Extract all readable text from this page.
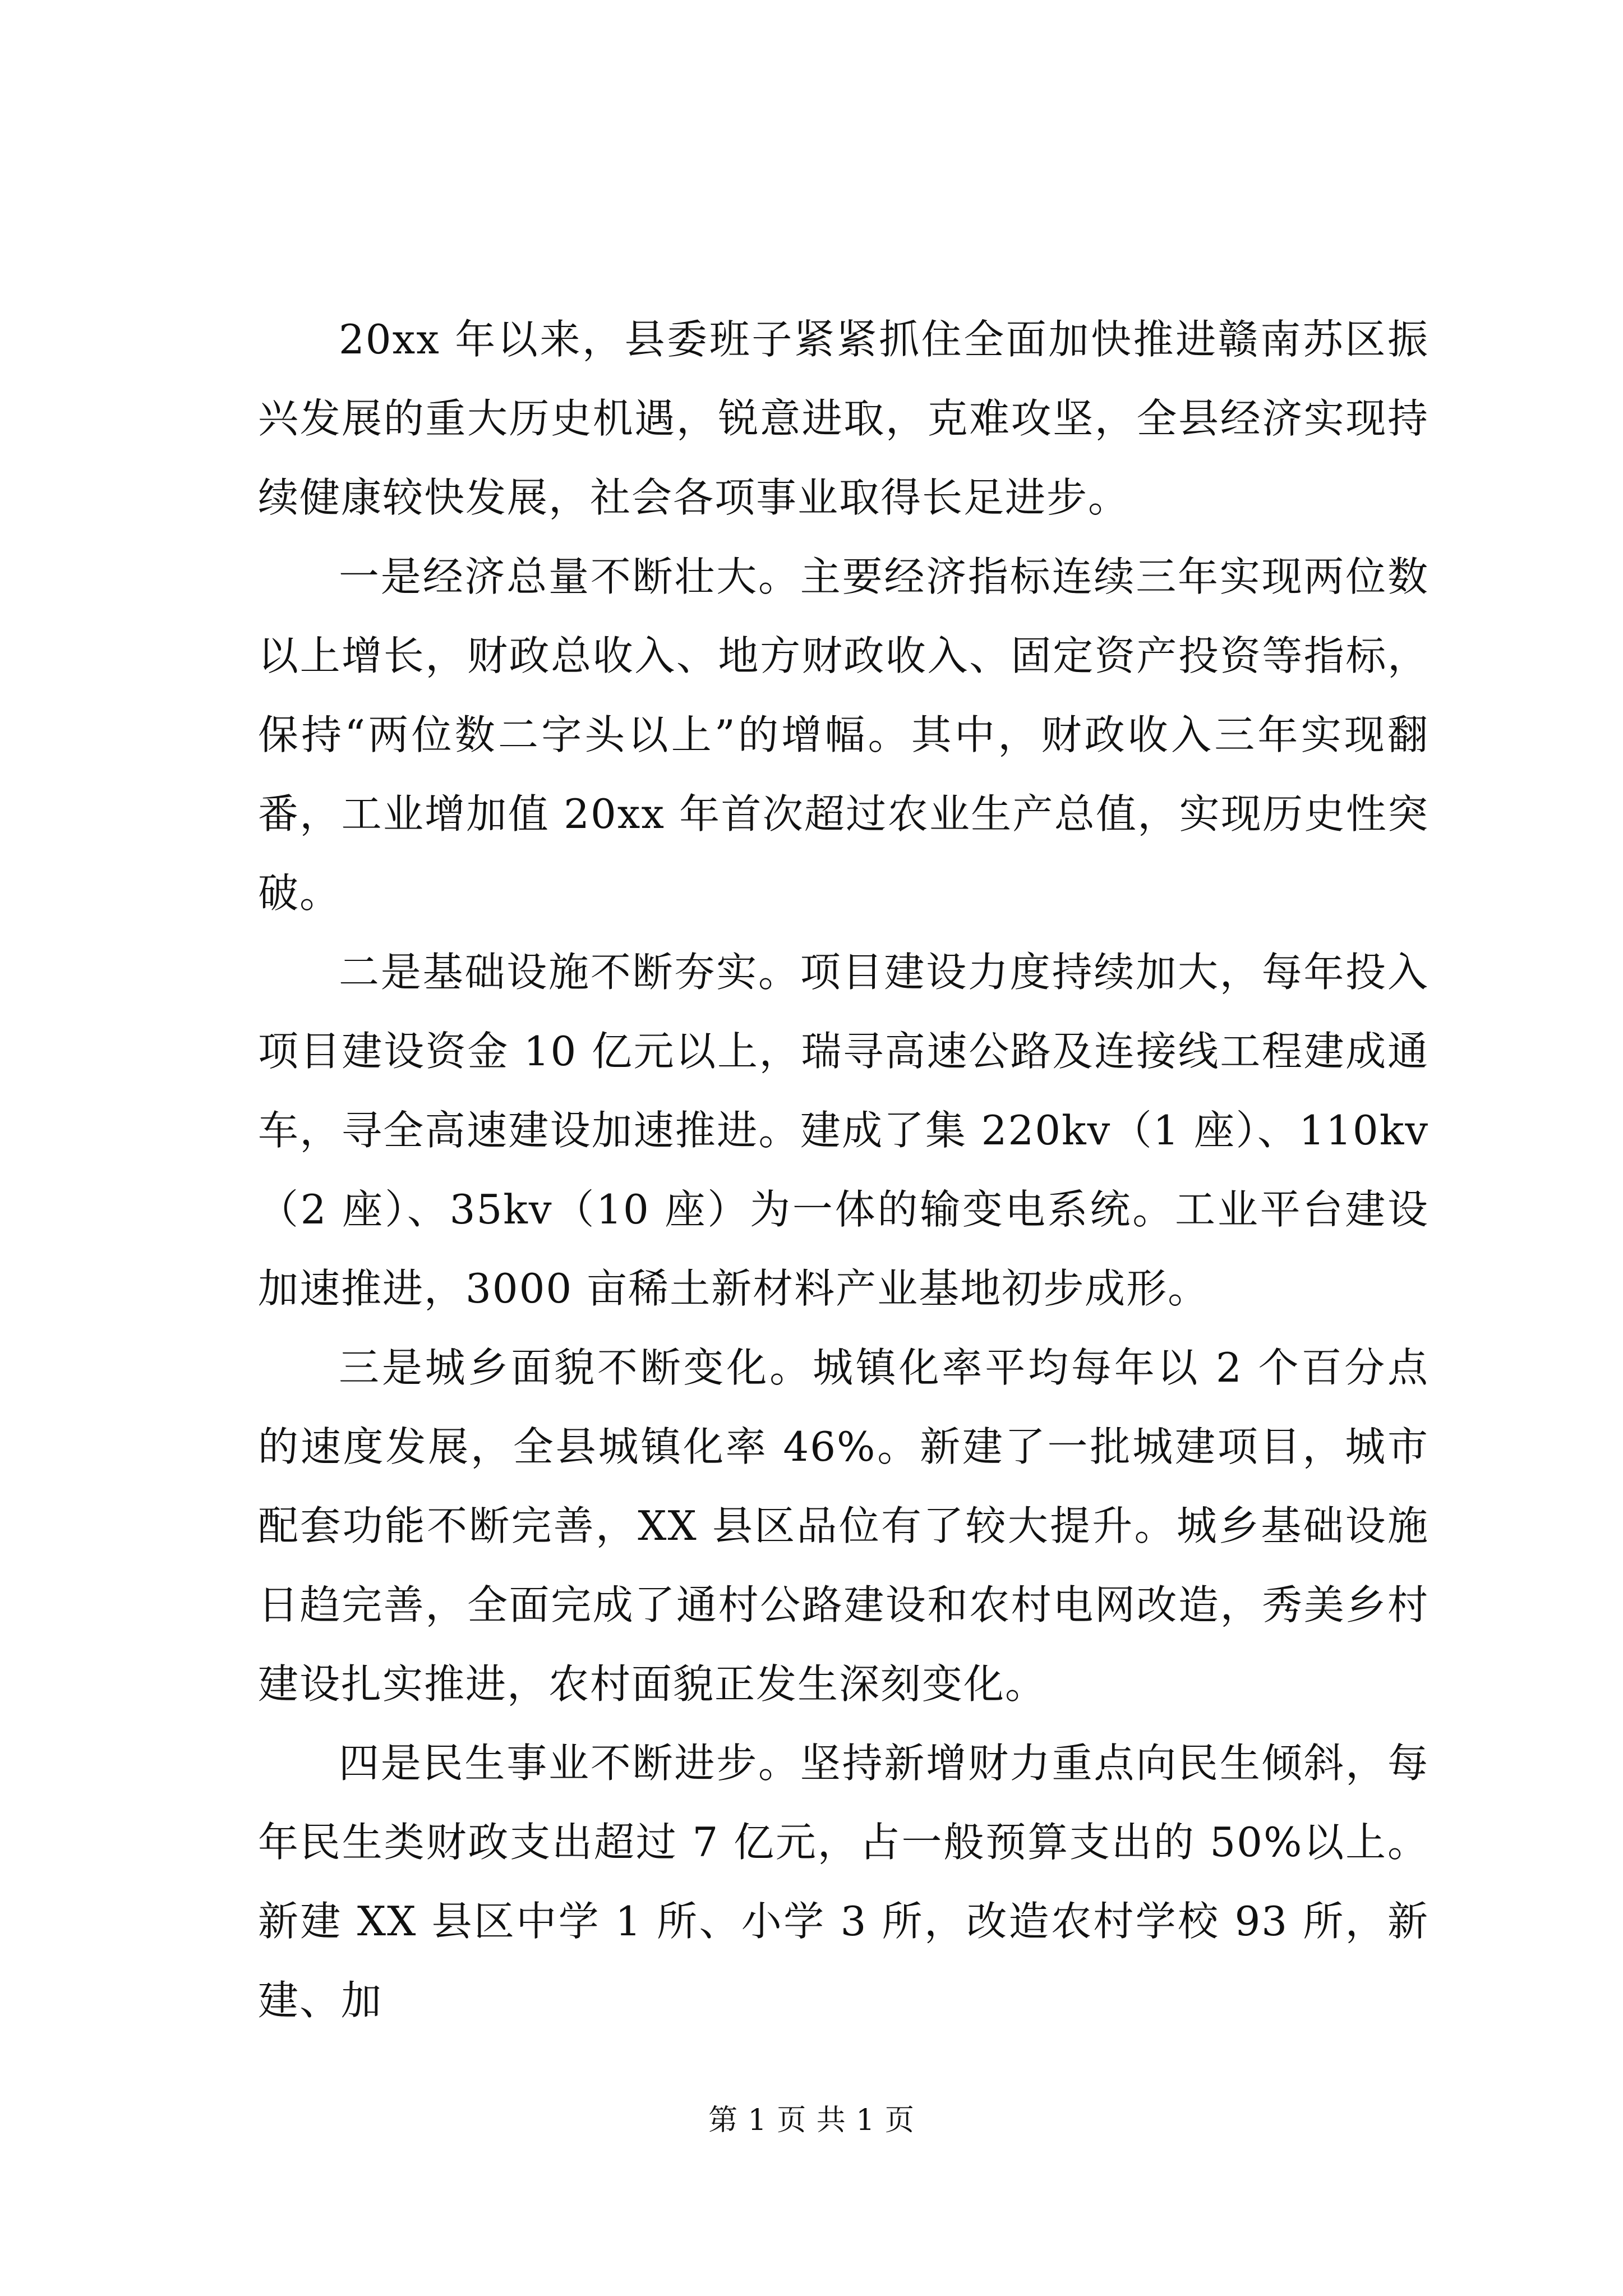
20xx 年以来，县委班子紧紧抓住全面加快推进赣南苏区振兴发展的重大历史机遇，锐意进取，克难攻坚，全县经济实现持续健康较快发展，社会各项事业取得长足进步。

一是经济总量不断壮大。主要经济指标连续三年实现两位数以上增长，财政总收入、地方财政收入、固定资产投资等指标，保持“两位数二字头以上”的增幅。其中，财政收入三年实现翻番，工业增加值 20xx 年首次超过农业生产总值，实现历史性突破。

二是基础设施不断夯实。项目建设力度持续加大，每年投入项目建设资金 10 亿元以上，瑞寻高速公路及连接线工程建成通车，寻全高速建设加速推进。建成了集 220kv（1 座）、110kv（2 座）、35kv（10 座）为一体的输变电系统。工业平台建设加速推进，3000 亩稀土新材料产业基地初步成形。

三是城乡面貌不断变化。城镇化率平均每年以 2 个百分点的速度发展，全县城镇化率 46%。新建了一批城建项目，城市配套功能不断完善，XX 县区品位有了较大提升。城乡基础设施日趋完善，全面完成了通村公路建设和农村电网改造，秀美乡村建设扎实推进，农村面貌正发生深刻变化。

四是民生事业不断进步。坚持新增财力重点向民生倾斜，每年民生类财政支出超过 7 亿元，占一般预算支出的 50%以上。新建 XX 县区中学 1 所、小学 3 所，改造农村学校 93 所，新建、加

第 1 页 共 1 页
